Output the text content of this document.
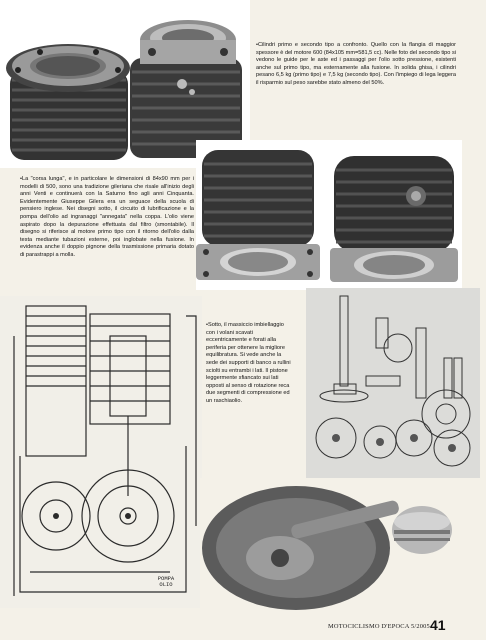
•Cilindri primo e secondo tipo a confronto. Quello con la flangia di maggior spessore è del motore 600 (84x105 mm=581,5 cc). Nelle foto del secondo tipo si vedono le guide per le aste ed i passaggi per l'olio sotto pressione, esistenti anche sul primo tipo, ma esternamente alla fusione. In solida ghisa, i cilindri pesano 6,5 kg (primo tipo) e 7,5 kg (secondo tipo). Con l'impiego di lega leggera il risparmio sul peso sarebbe stato almeno del 50%.

•La "corsa lunga", e in particolare le dimensioni di 84x90 mm per i modelli di 500, sono una tradizione gileriana che risale all'inizio degli anni Venti e continuerà con la Saturno fino agli anni Cinquanta. Evidentemente Giuseppe Gilera era un seguace della scuola di pensiero inglese. Nei disegni sotto, il circuito di lubrificazione e la pompa dell'olio ad ingranaggi "annegata" nella coppa. L'olio viene aspirato dopo la depurazione effettuata dal filtro (smontabile). Il disegno si riferisce al motore primo tipo con il ritorno dell'olio dalla testa mediante tubazioni esterne, poi inglobate nella fusione. In evidenza anche il doppio pignone della trasmissione primaria dotato di parastrappi a molla.

POMPA
OLIO

•Sotto, il massiccio imbiellaggio con i volani scavati eccentricamente e forati alla periferia per ottenere la migliore equilibratura. Si vede anche la sede dei supporti di banco a rullini sciolti su entrambi i lati. Il pistone leggermente sfiancato sui lati opposti al senso di rotazione reca due segmenti di compressione ed un raschiaolio.

MOTOCICLISMO D'EPOCA 5/2005 41
